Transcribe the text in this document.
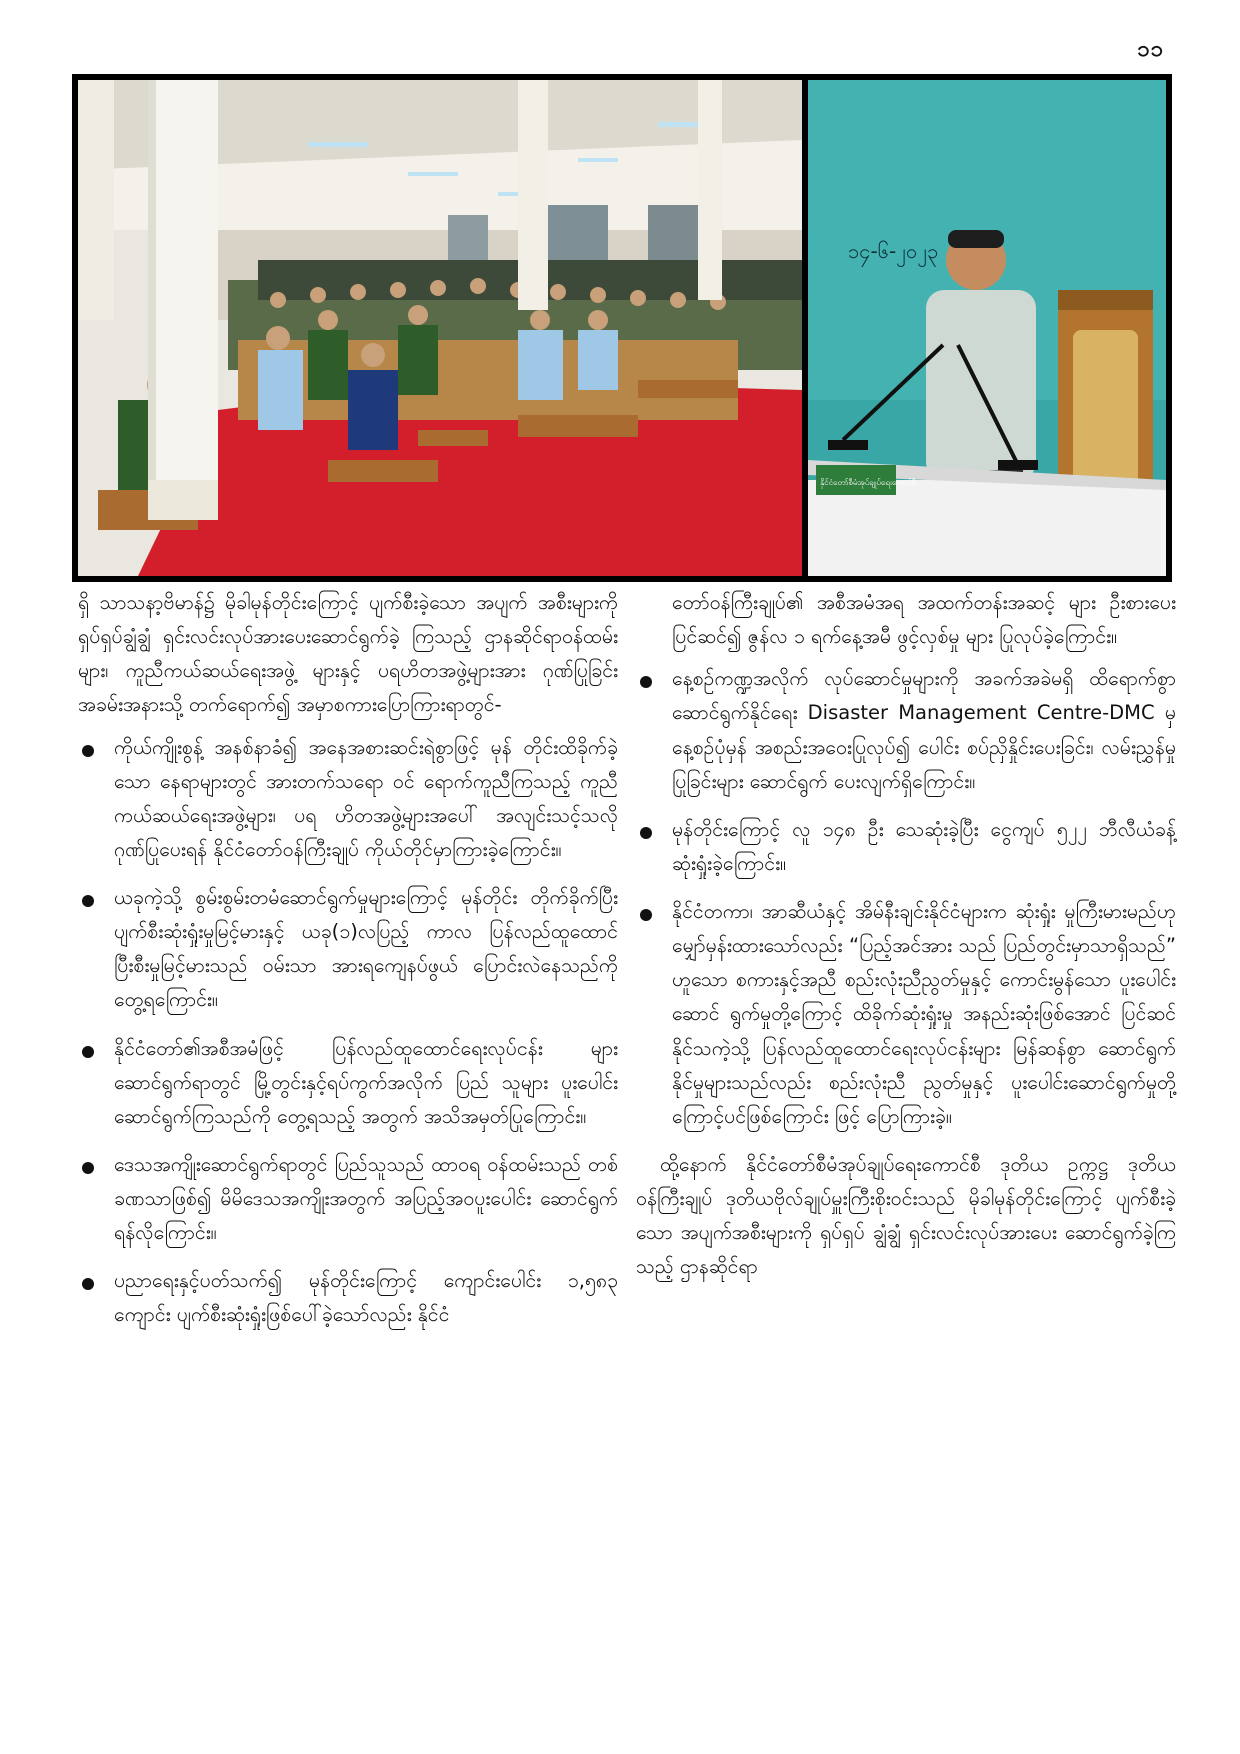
၁၁
၁၄-၆-၂၀၂၃
နိုင်ငံတော်စီမံအုပ်ချုပ်ရေးကောင်စီ

ရှိ သာသနာ့ဗိမာန်၌ မိုခါမုန်တိုင်းကြောင့် ပျက်စီးခဲ့သော အပျက် အစီးများကို ရှပ်ရှပ်ချွံချွံ ရှင်းလင်းလုပ်အားပေးဆောင်ရွက်ခဲ့ ကြသည့် ဌာနဆိုင်ရာဝန်ထမ်းများ၊ ကူညီကယ်ဆယ်ရေးအဖွဲ့ များနှင့် ပရဟိတအဖွဲ့များအား ဂုဏ်ပြုခြင်းအခမ်းအနားသို့ တက်ရောက်၍ အမှာစကားပြောကြားရာတွင်-

ကိုယ်ကျိုးစွန့် အနစ်နာခံ၍ အနေအစားဆင်းရဲစွာဖြင့် မုန် တိုင်းထိခိုက်ခဲ့သော နေရာများတွင် အားတက်သရော ဝင် ရောက်ကူညီကြသည့် ကူညီကယ်ဆယ်ရေးအဖွဲ့များ၊ ပရ ဟိတအဖွဲ့များအပေါ် အလျင်းသင့်သလို ဂုဏ်ပြုပေးရန် နိုင်ငံတော်ဝန်ကြီးချုပ် ကိုယ်တိုင်မှာကြားခဲ့ကြောင်း။
ယခုကဲ့သို့ စွမ်းစွမ်းတမံဆောင်ရွက်မှုများကြောင့် မုန်တိုင်း တိုက်ခိုက်ပြီး ပျက်စီးဆုံးရှုံးမှုမြင့်မားနှင့် ယခု(၁)လပြည့် ကာလ ပြန်လည်ထူထောင်ပြီးစီးမှုမြင့်မားသည် ဝမ်းသာ အားရကျေနပ်ဖွယ် ပြောင်းလဲနေသည်ကို တွေ့ရကြောင်း။
နိုင်ငံတော်၏အစီအမံဖြင့် ပြန်လည်ထူထောင်ရေးလုပ်ငန်း များ ဆောင်ရွက်ရာတွင် မြို့တွင်းနှင့်ရပ်ကွက်အလိုက် ပြည် သူများ ပူးပေါင်းဆောင်ရွက်ကြသည်ကို တွေ့ရသည့် အတွက် အသိအမှတ်ပြုကြောင်း။
ဒေသအကျိုးဆောင်ရွက်ရာတွင် ပြည်သူသည် ထာဝရ ဝန်ထမ်းသည် တစ်ခဏသာဖြစ်၍ မိမိဒေသအကျိုးအတွက် အပြည့်အဝပူးပေါင်း ဆောင်ရွက်ရန်လိုကြောင်း။
ပညာရေးနှင့်ပတ်သက်၍ မုန်တိုင်းကြောင့် ကျောင်းပေါင်း ၁,၅၈၃ ကျောင်း ပျက်စီးဆုံးရှုံးဖြစ်ပေါ်ခဲ့သော်လည်း နိုင်ငံ

တော်ဝန်ကြီးချုပ်၏ အစီအမံအရ အထက်တန်းအဆင့် များ ဦးစားပေးပြင်ဆင်၍ ဇွန်လ ၁ ရက်နေ့အမီ ဖွင့်လှစ်မှု များ ပြုလုပ်ခဲ့ကြောင်း။

နေ့စဉ်ကဏ္ဍအလိုက် လုပ်ဆောင်မှုများကို အခက်အခဲမရှိ ထိရောက်စွာ ဆောင်ရွက်နိုင်ရေး Disaster Management Centre-DMC မှ နေ့စဉ်ပုံမှန် အစည်းအဝေးပြုလုပ်၍ ပေါင်း စပ်ညှိနှိုင်းပေးခြင်း၊ လမ်းညွှန်မှုပြုခြင်းများ ဆောင်ရွက် ပေးလျက်ရှိကြောင်း။
မုန်တိုင်းကြောင့် လူ ၁၄၈ ဦး သေဆုံးခဲ့ပြီး ငွေကျပ် ၅၂၂ ဘီလီယံခန့် ဆုံးရှုံးခဲ့ကြောင်း။
နိုင်ငံတကာ၊ အာဆီယံနှင့် အိမ်နီးချင်းနိုင်ငံများက ဆုံးရှုံး မှုကြီးမားမည်ဟု မျှော်မှန်းထားသော်လည်း “ပြည့်အင်အား သည် ပြည်တွင်းမှာသာရှိသည်” ဟူသော စကားနှင့်အညီ စည်းလုံးညီညွတ်မှုနှင့် ကောင်းမွန်သော ပူးပေါင်းဆောင် ရွက်မှုတို့ကြောင့် ထိခိုက်ဆုံးရှုံးမှု အနည်းဆုံးဖြစ်အောင် ပြင်ဆင်နိုင်သကဲ့သို့ ပြန်လည်ထူထောင်ရေးလုပ်ငန်းများ မြန်ဆန်စွာ ဆောင်ရွက်နိုင်မှုများသည်လည်း စည်းလုံးညီ ညွတ်မှုနှင့် ပူးပေါင်းဆောင်ရွက်မှုတို့ကြောင့်ပင်ဖြစ်ကြောင်း ဖြင့် ပြောကြားခဲ့။

ထို့နောက် နိုင်ငံတော်စီမံအုပ်ချုပ်ရေးကောင်စီ ဒုတိယ ဥက္ကဋ္ဌ ဒုတိယဝန်ကြီးချုပ် ဒုတိယဗိုလ်ချုပ်မှူးကြီးစိုးဝင်းသည် မိုခါမုန်တိုင်းကြောင့် ပျက်စီးခဲ့သော အပျက်အစီးများကို ရှပ်ရှပ် ချွံချွံ ရှင်းလင်းလုပ်အားပေး ဆောင်ရွက်ခဲ့ကြသည့် ဌာနဆိုင်ရာ
